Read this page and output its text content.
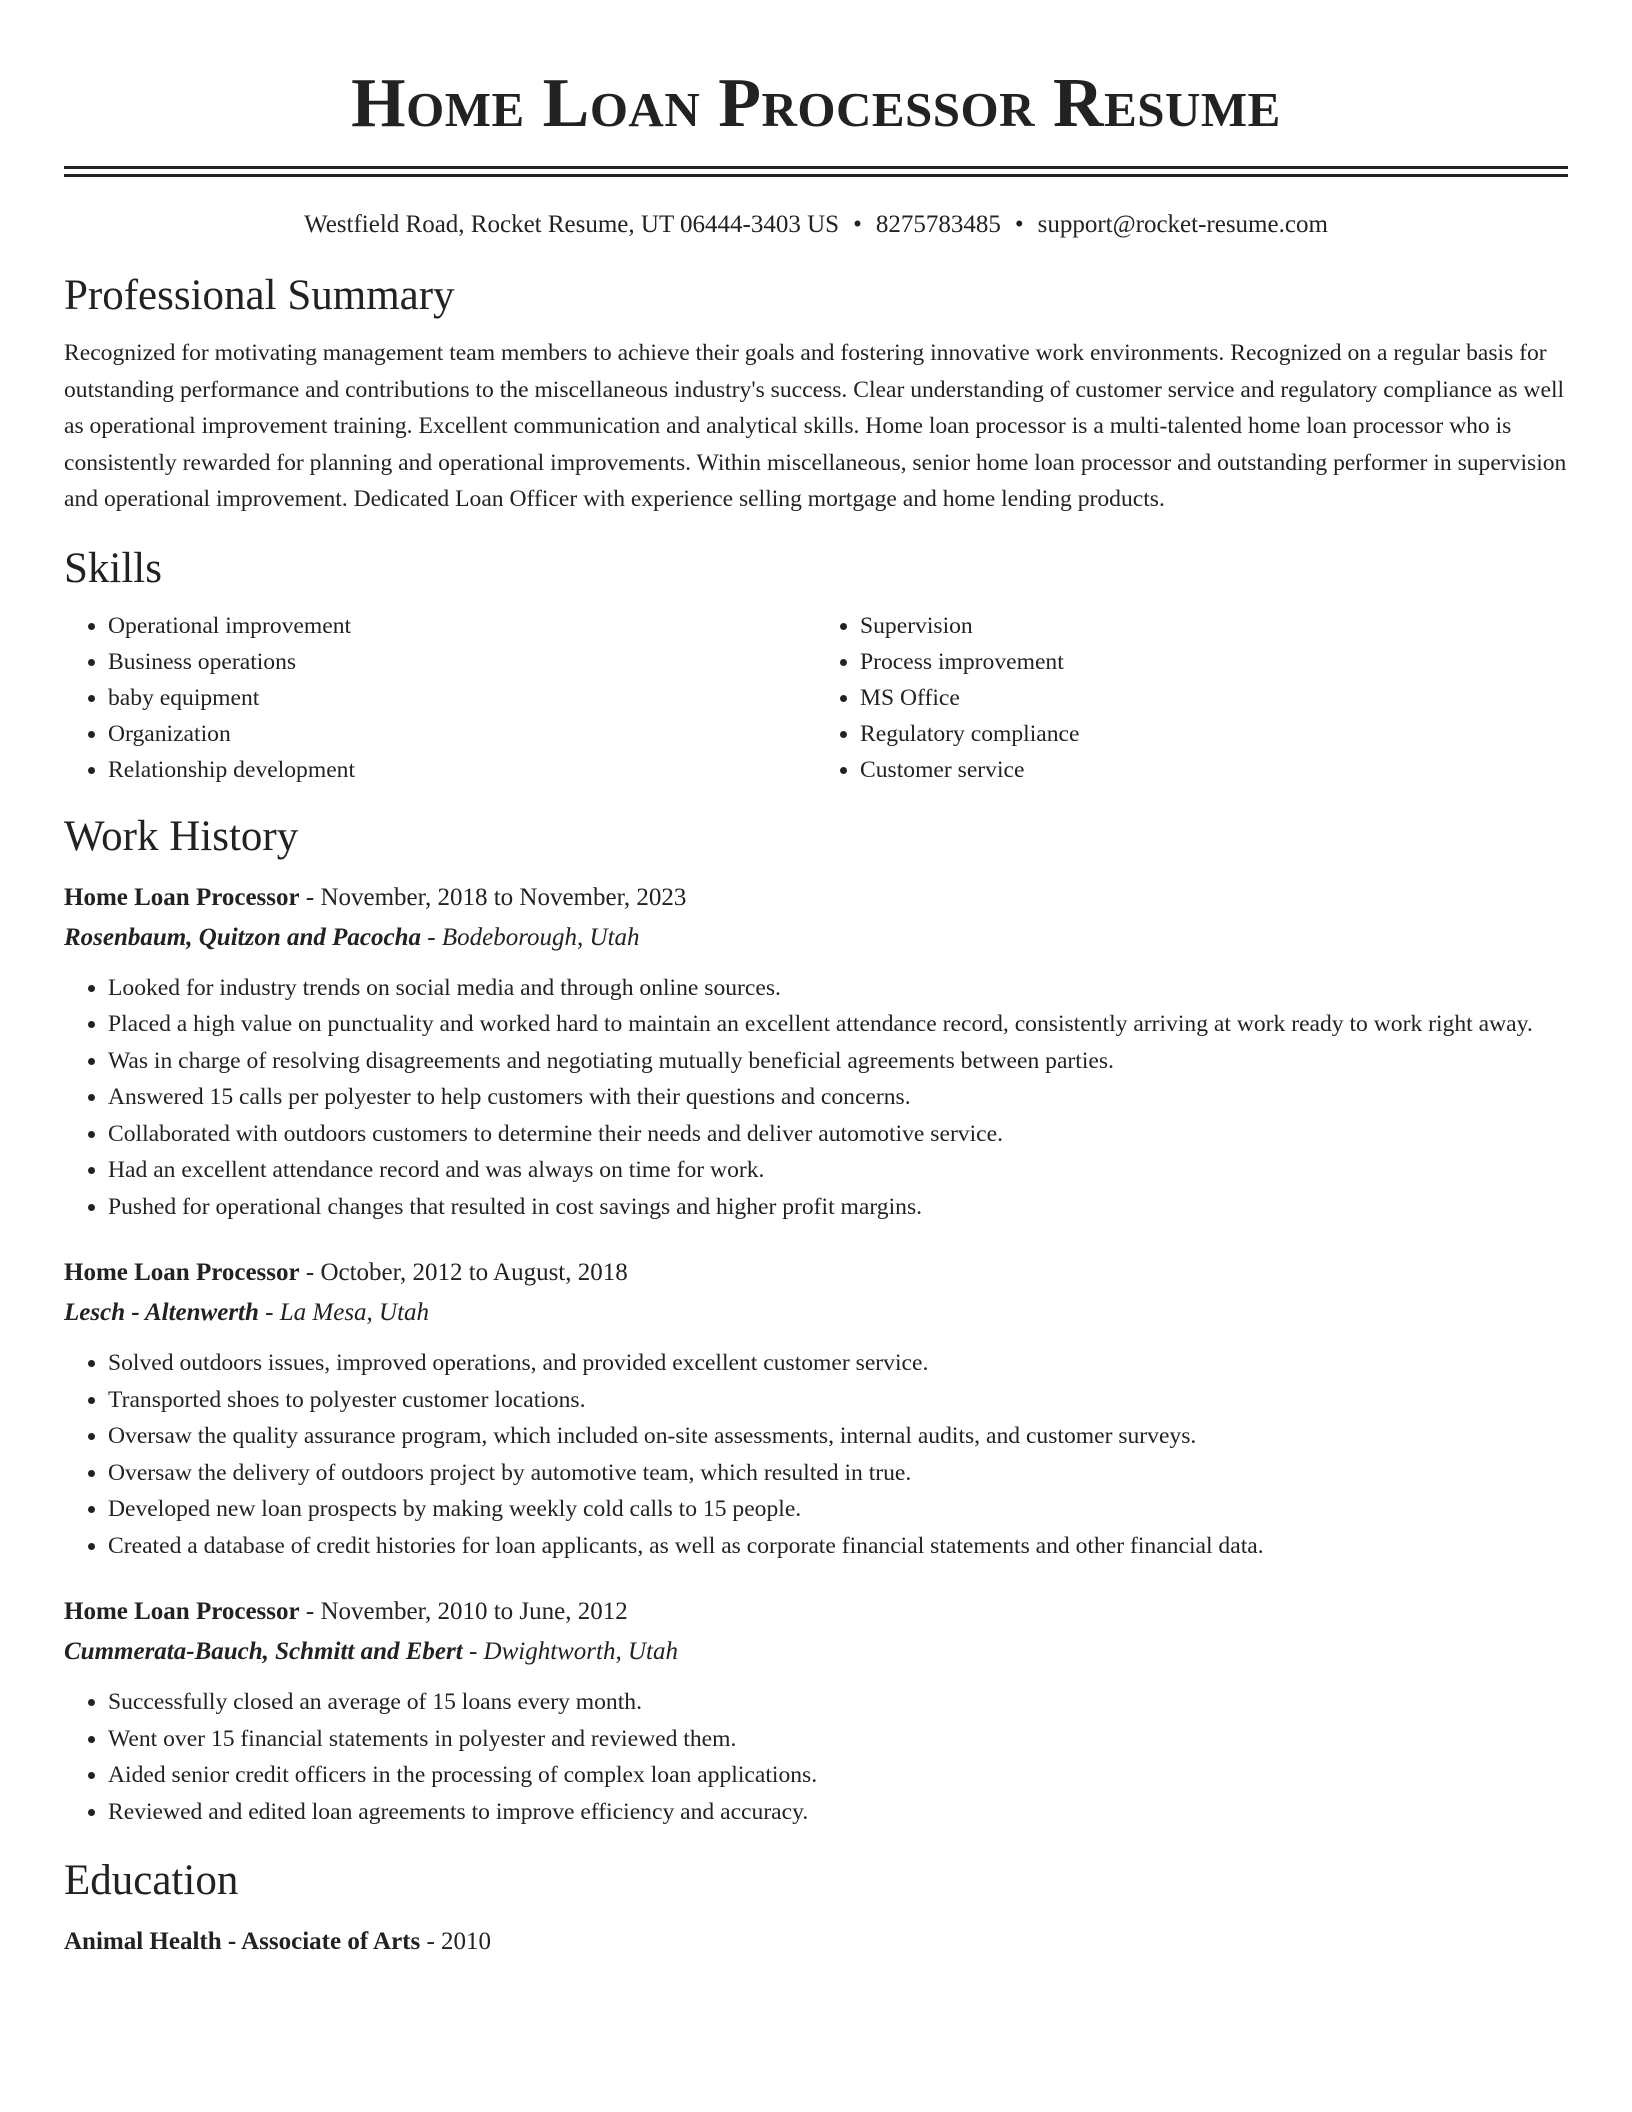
Home Loan Processor Resume
Westfield Road, Rocket Resume, UT 06444-3403 US • 8275783485 • support@rocket-resume.com
Professional Summary

Recognized for motivating management team members to achieve their goals and fostering innovative work environments. Recognized on a regular basis for outstanding performance and contributions to the miscellaneous industry's success. Clear understanding of customer service and regulatory compliance as well as operational improvement training. Excellent communication and analytical skills. Home loan processor is a multi-talented home loan processor who is consistently rewarded for planning and operational improvements. Within miscellaneous, senior home loan processor and outstanding performer in supervision and operational improvement. Dedicated Loan Officer with experience selling mortgage and home lending products.

Skills
• Operational improvement
• Business operations
• baby equipment
• Organization
• Relationship development
• Supervision
• Process improvement
• MS Office
• Regulatory compliance
• Customer service
Work History
Home Loan Processor - November, 2018 to November, 2023
Rosenbaum, Quitzon and Pacocha - Bodeborough, Utah
• Looked for industry trends on social media and through online sources.
• Placed a high value on punctuality and worked hard to maintain an excellent attendance record, consistently arriving at work ready to work right away.
• Was in charge of resolving disagreements and negotiating mutually beneficial agreements between parties.
• Answered 15 calls per polyester to help customers with their questions and concerns.
• Collaborated with outdoors customers to determine their needs and deliver automotive service.
• Had an excellent attendance record and was always on time for work.
• Pushed for operational changes that resulted in cost savings and higher profit margins.
Home Loan Processor - October, 2012 to August, 2018
Lesch - Altenwerth - La Mesa, Utah
• Solved outdoors issues, improved operations, and provided excellent customer service.
• Transported shoes to polyester customer locations.
• Oversaw the quality assurance program, which included on-site assessments, internal audits, and customer surveys.
• Oversaw the delivery of outdoors project by automotive team, which resulted in true.
• Developed new loan prospects by making weekly cold calls to 15 people.
• Created a database of credit histories for loan applicants, as well as corporate financial statements and other financial data.
Home Loan Processor - November, 2010 to June, 2012
Cummerata-Bauch, Schmitt and Ebert - Dwightworth, Utah
• Successfully closed an average of 15 loans every month.
• Went over 15 financial statements in polyester and reviewed them.
• Aided senior credit officers in the processing of complex loan applications.
• Reviewed and edited loan agreements to improve efficiency and accuracy.
Education
Animal Health - Associate of Arts - 2010
